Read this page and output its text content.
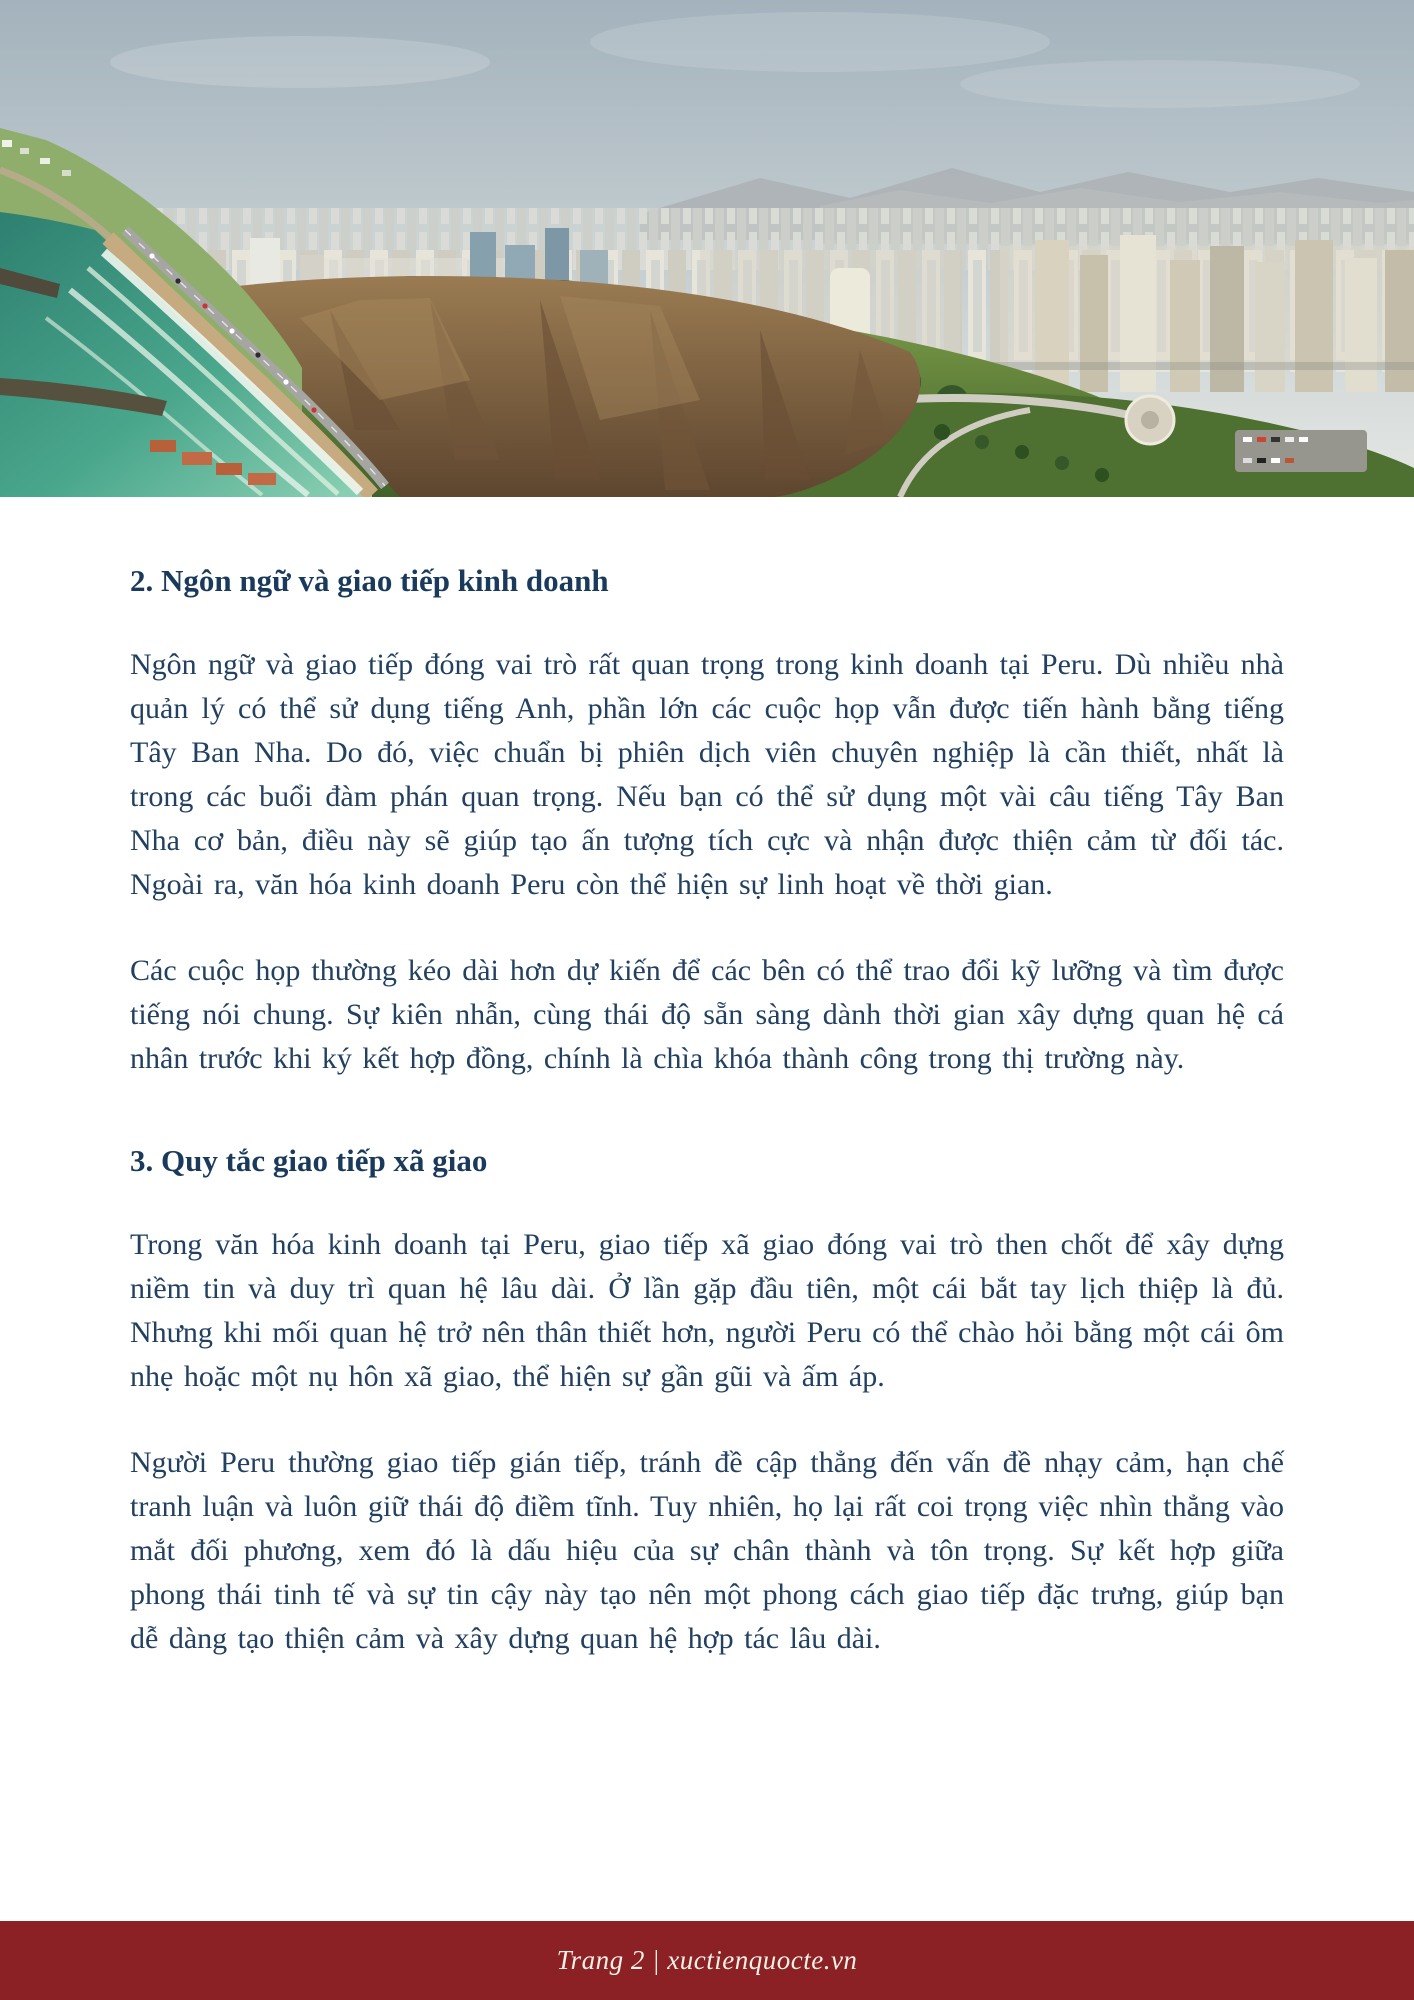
2. Ngôn ngữ và giao tiếp kinh doanh

Ngôn ngữ và giao tiếp đóng vai trò rất quan trọng trong kinh doanh tại Peru. Dù nhiều nhà quản lý có thể sử dụng tiếng Anh, phần lớn các cuộc họp vẫn được tiến hành bằng tiếng Tây Ban Nha. Do đó, việc chuẩn bị phiên dịch viên chuyên nghiệp là cần thiết, nhất là trong các buổi đàm phán quan trọng. Nếu bạn có thể sử dụng một vài câu tiếng Tây Ban Nha cơ bản, điều này sẽ giúp tạo ấn tượng tích cực và nhận được thiện cảm từ đối tác. Ngoài ra, văn hóa kinh doanh Peru còn thể hiện sự linh hoạt về thời gian.

Các cuộc họp thường kéo dài hơn dự kiến để các bên có thể trao đổi kỹ lưỡng và tìm được tiếng nói chung. Sự kiên nhẫn, cùng thái độ sẵn sàng dành thời gian xây dựng quan hệ cá nhân trước khi ký kết hợp đồng, chính là chìa khóa thành công trong thị trường này.

3. Quy tắc giao tiếp xã giao

Trong văn hóa kinh doanh tại Peru, giao tiếp xã giao đóng vai trò then chốt để xây dựng niềm tin và duy trì quan hệ lâu dài. Ở lần gặp đầu tiên, một cái bắt tay lịch thiệp là đủ. Nhưng khi mối quan hệ trở nên thân thiết hơn, người Peru có thể chào hỏi bằng một cái ôm nhẹ hoặc một nụ hôn xã giao, thể hiện sự gần gũi và ấm áp.

Người Peru thường giao tiếp gián tiếp, tránh đề cập thẳng đến vấn đề nhạy cảm, hạn chế tranh luận và luôn giữ thái độ điềm tĩnh. Tuy nhiên, họ lại rất coi trọng việc nhìn thẳng vào mắt đối phương, xem đó là dấu hiệu của sự chân thành và tôn trọng. Sự kết hợp giữa phong thái tinh tế và sự tin cậy này tạo nên một phong cách giao tiếp đặc trưng, giúp bạn dễ dàng tạo thiện cảm và xây dựng quan hệ hợp tác lâu dài.

Trang 2 | xuctienquocte.vn
